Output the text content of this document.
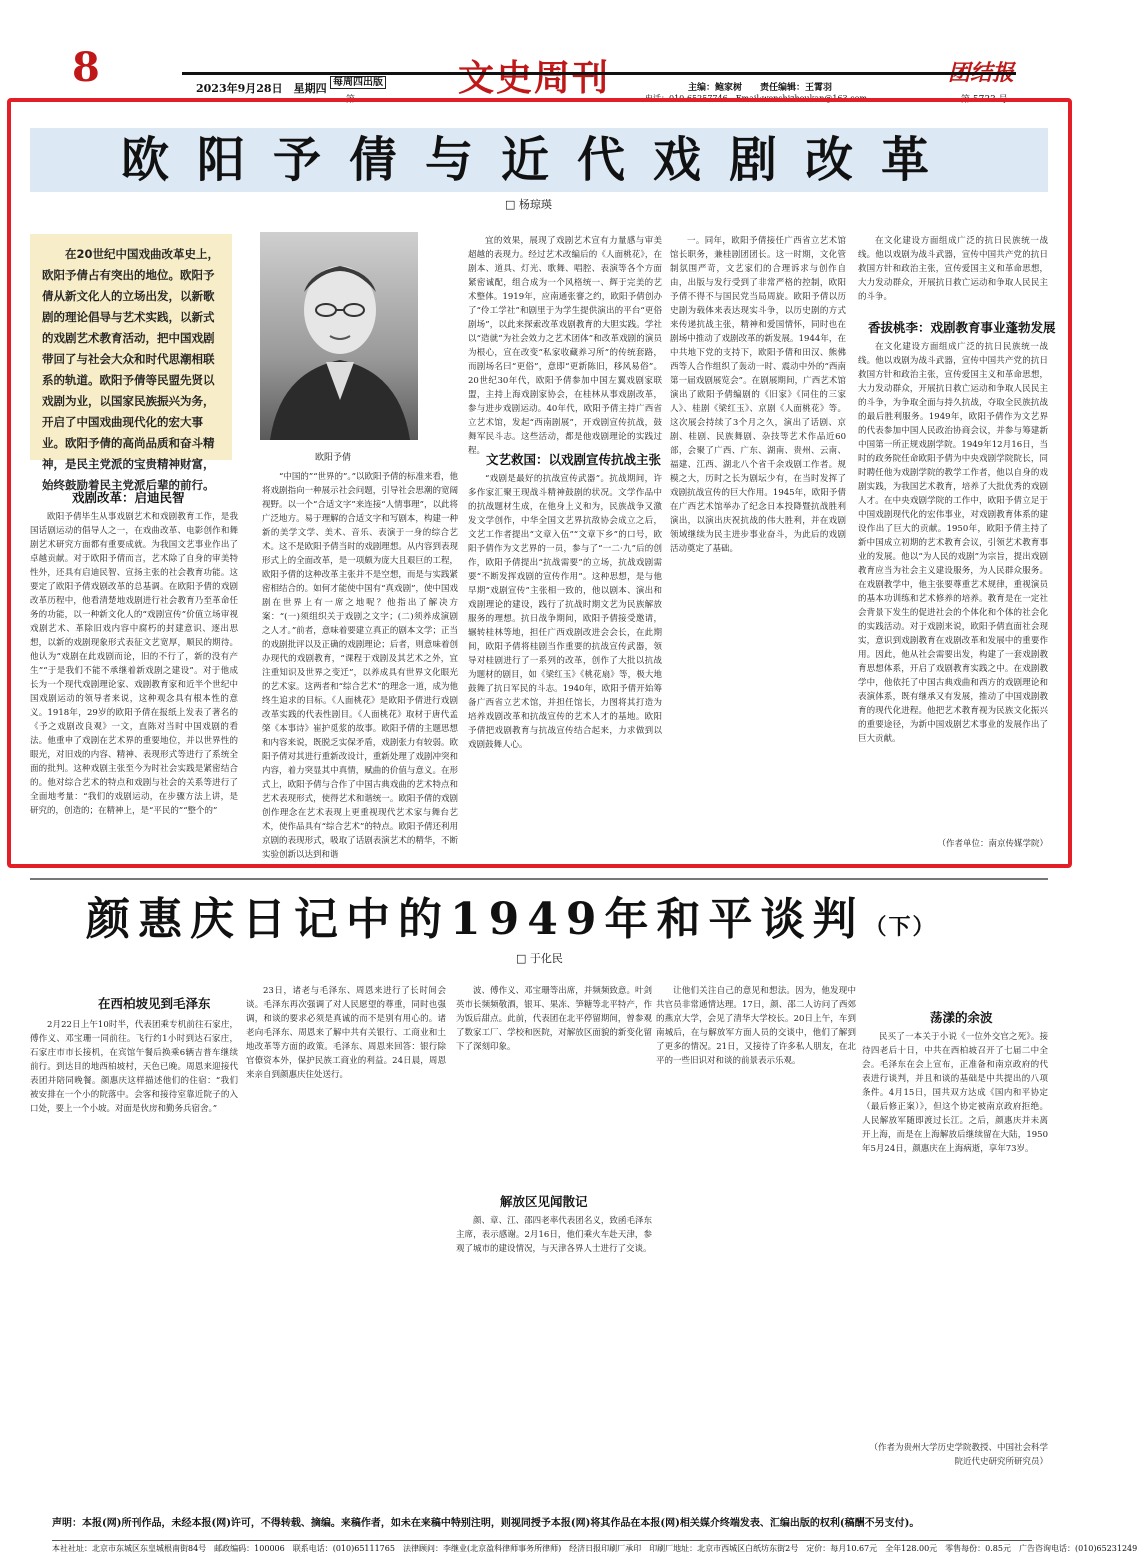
8	2023年9月28日　星期四 每周四出版
第
文史周刊	主编：鲍家树　　责任编辑：王霄羽
电话：010-65257746　Email:wenshizhoukan@163.com
团结报
第 5733 号
欧阳予倩与近代戏剧改革
□ 杨琼瑛
在20世纪中国戏曲改革史上，欧阳予倩占有突出的地位。欧阳予倩从新文化人的立场出发，以新歌剧的理论倡导与艺术实践，以新式的戏剧艺术教育活动，把中国戏剧带回了与社会大众和时代思潮相联系的轨道。欧阳予倩等民盟先贤以戏剧为业，以国家民族振兴为务，开启了中国戏曲现代化的宏大事业。欧阳予倩的高尚品质和奋斗精神，是民主党派的宝贵精神财富，始终鼓励着民主党派后辈的前行。
欧阳予倩

欧阳予倩毕生从事戏剧艺术和戏剧教育工作，是我国话剧运动的倡导人之一，在戏曲改革、电影创作和舞剧艺术研究方面都有重要成就。为我国文艺事业作出了卓越贡献。对于欧阳予倩而言，艺术除了自身的审美特性外，还具有启迪民智、宣扬主张的社会教育功能。这要定了欧阳予倩戏剧改革的总基调。在欧阳予倩的戏剧改革历程中，他看清楚地戏剧进行社会教育乃至革命任务的功能，以一种新文化人的“戏剧宣传”价值立场审视戏剧艺术、革除旧戏内容中腐朽的封建意识、逐出思想，以新的戏剧现象形式表征文艺宽厚，顺民的期待。他认为“戏剧在此戏剧而论，旧的不行了，新的没有产生”“于是我们不能不承继着新戏剧之建设”。对于他成长为一个现代戏剧理论家、戏剧教育家和近半个世纪中国戏剧运动的领导者来说，这种观念具有根本性的意义。1918年，29岁的欧阳予倩在报纸上发表了著名的《予之戏剧改良观》一文，直陈对当时中国戏剧的看法。他重申了戏剧在艺术界的重要地位，并以世界性的眼光，对旧戏的内容、精神、表现形式等进行了系统全面的批判。这种戏剧主张至今为时社会实践是紧密结合的。他对综合艺术的特点和戏剧与社会的关系等进行了全面地考量：“我们的戏剧运动，在步骤方法上讲，是研究的，创造的；在精神上，是“平民的”“整个的”

戏剧改革：启迪民智

“中国的”“世界的”。”以欧阳予倩的标准来看，他将戏剧指向一种展示社会问题，引导社会思潮的宽阔视野。以一个“合适文字”来连接“人情事理”，以此将广泛地方。易于理解的合适文字和写剧本，构建一种新的美学文学、美术、音乐、表演于一身的综合艺术。这不是欧阳予倩当时的戏剧理想。从内容到表现形式上的全面改革，是一项颇为庞大且艰巨的工程，欧阳予倩的这种改革主张并不是空想，而是与实践紧密相结合的。如何才能使中国有“真戏剧”，使中国戏剧在世界上有一席之地呢？他指出了解决方案：“(一)须组织关于戏剧之文字；(二)须养成演剧之人才。”前者，意味着要建立真正的剧本文学；正当的戏剧批评以及正确的戏剧理论；后者，则意味着创办现代的戏剧教育，“课程于戏剧及其艺术之外，宜注重知识及世界之变迁”，以养成具有世界文化眼光的艺术家。这两者和“综合艺术”的理念一道，成为他终生追求的目标。《人面桃花》是欧阳予倩进行戏剧改革实践的代表性剧目。《人面桃花》取材于唐代孟棨《本事诗》崔护觅浆的故事。欧阳予倩的主题思想和内容来说，既脱乏实保矛盾，戏剧张力有较弱。欧阳予倩对其进行重新改设计，重新处理了戏剧冲突和内容，着力突显其中真情，赋曲的价值与意义。在形式上，欧阳予倩与合作了中国古典戏曲的艺术特点和艺术表现形式，使得艺术和谐统一。欧阳予倩的戏剧创作理念在艺术表现上更重视现代艺术家与舞台艺术，使作品具有“综合艺术”的特点。欧阳予倩还利用京剧的表现形式，吸取了话剧表演艺术的精华，不断实验创新以达到和谐

宜的效果，展现了戏剧艺术宣有力量感与审美超越的表现力。经过艺术改编后的《人面桃花》，在剧本、道具、灯光、歌舞、唱腔、表演等各个方面紧密诚配，组合成为一个风格统一、辉于完美的艺术整体。1919年，应南通张謇之约，欧阳予倩创办了“伶工学社”和剧里于为学生提供演出的平台“更俗剧场”，以此来探索改革戏剧教育的大胆实践。学社以“造就”为社会效力之艺术团体”和改革戏剧的演员为根心，宣在改变“私家收藏养习所”的传统套路，而剧场名曰“更俗”，意即“更新陈旧，移风易俗”。20世纪30年代，欧阳予倩参加中国左翼戏剧家联盟，主持上海戏剧家协会，在桂林从事戏剧改革，参与进步戏剧运动。40年代，欧阳予倩主持广西省立艺术馆，发起“西南剧展”，开戏剧宣传抗战，鼓舞军民斗志。这些活动，都是他戏剧理论的实践过程。

文艺救国：以戏剧宣传抗战主张

“戏剧是最好的抗战宣传武器”。抗战期间，许多作家汇聚王现战斗精神鼓剧的状况。文学作品中的抗战题材生成，在他身上义和为，民族战争又激发文学创作，中华全国文艺界抗敌协会成立之后，文艺工作者提出“文章入伍”“文章下乡”的口号，欧阳予倩作为文艺界的一员，参与了“一二·九”后的创作，欧阳予倩提出“抗战需要”的立场，抗战戏剧需要“不断发挥戏剧的宣传作用”。这种思想，是与他早期“戏剧宣传”主张相一致的，他以剧本、演出和戏剧理论的建设，践行了抗战时期文艺为民族解放服务的理想。抗日战争期间，欧阳予倩接受邀请，辗转桂林等地，担任广西戏剧改进会会长，在此期间，欧阳予倩将桂剧当作重要的抗战宣传武器，领导对桂剧进行了一系列的改革，创作了大批以抗战为题材的剧目，如《梁红玉》《桃花扇》等，极大地鼓舞了抗日军民的斗志。1940年，欧阳予倩开始筹备广西省立艺术馆，并担任馆长，力图将其打造为培养戏剧改革和抗战宣传的艺术人才的基地。欧阳予倩把戏剧教育与抗战宣传结合起来，力求做到以戏剧鼓舞人心。

一。同年，欧阳予倩接任广西省立艺术馆馆长职务，兼桂剧团团长。这一时期，文化管制氛围严苛，文艺家们的合理诉求与创作自由，出版与发行受到了非常严格的控制，欧阳予倩不得不与国民党当局周旋。欧阳予倩以历史剧为载体来表达现实斗争，以历史剧的方式来传递抗战主张，精神和爱国情怀，同时也在剧场中推动了戏剧改革的新发展。1944年，在中共地下党的支持下，欧阳予倩和田汉、熊佛西等人合作组织了轰动一时、震动中外的“西南第一届戏剧展览会”。在剧展期间，广西艺术馆演出了欧阳予倩编剧的《旧家》《同住的三家人》、桂剧《梁红玉》、京剧《人面桃花》等。这次展会持续了3个月之久，演出了话剧、京剧、桂剧、民族舞剧、杂技等艺术作品近60部，会聚了广西、广东、湖南、贵州、云南、福建、江西、湖北八个省千余戏剧工作者。规模之大，历时之长为剧坛少有，在当时发挥了戏剧抗战宣传的巨大作用。1945年，欧阳予倩在广西艺术馆举办了纪念日本投降暨抗战胜利演出，以演出庆祝抗战的伟大胜利，并在戏剧领域继续为民主进步事业奋斗，为此后的戏剧活动奠定了基础。

在文化建设方面组成广泛的抗日民族统一战线。他以戏剧为战斗武器，宣传中国共产党的抗日救国方针和政治主张，宣传爱国主义和革命思想，大力发动群众，开展抗日救亡运动和争取人民民主的斗争。

香拔桃李：戏剧教育事业蓬勃发展

在文化建设方面组成广泛的抗日民族统一战线。他以戏剧为战斗武器，宣传中国共产党的抗日救国方针和政治主张，宣传爱国主义和革命思想，大力发动群众，开展抗日救亡运动和争取人民民主的斗争，为争取全面与持久抗战，夺取全民族抗战的最后胜利服务。1949年，欧阳予倩作为文艺界的代表参加中国人民政治协商会议，并参与筹建新中国第一所正规戏剧学院。1949年12月16日，当时的政务院任命欧阳予倩为中央戏剧学院院长，同时聘任他为戏剧学院的教学工作者，他以自身的戏剧实践，为我国艺术教育，培养了大批优秀的戏剧人才。在中央戏剧学院的工作中，欧阳予倩立足于中国戏剧现代化的宏伟事业，对戏剧教育体系的建设作出了巨大的贡献。1950年，欧阳予倩主持了新中国成立初期的艺术教育会议，引领艺术教育事业的发展。他以“为人民的戏剧”为宗旨，提出戏剧教育应当为社会主义建设服务，为人民群众服务。在戏剧教学中，他主张要尊重艺术规律，重视演员的基本功训练和艺术修养的培养。教育是在一定社会背景下发生的促进社会的个体化和个体的社会化的实践活动。对于戏剧来说，欧阳予倩直面社会现实，意识到戏剧教育在戏剧改革和发展中的重要作用。因此，他从社会需要出发，构建了一套戏剧教育思想体系，开启了戏剧教育实践之中。在戏剧教学中，他依托了中国古典戏曲和西方的戏剧理论和表演体系，既有继承又有发展，推动了中国戏剧教育的现代化进程。他把艺术教育视为民族文化振兴的重要途径，为新中国戏剧艺术事业的发展作出了巨大贡献。

（作者单位：南京传媒学院）
颜惠庆日记中的1949年和平谈判（下）
□ 于化民
在西柏坡见到毛泽东

2月22日上午10时半，代表团乘专机前往石家庄，傅作义、邓宝珊一同前往。飞行约1小时到达石家庄，石家庄市市长接机，在宾馆午餐后换乘6辆吉普车继续前行。到达目的地西柏坡村，天色已晚。周恩来迎接代表团并陪同晚餐。颜惠庆这样描述他们的住宿：“我们被安排在一个小的院落中。会客和接待室靠近院子的入口处，要上一个小坡。对面是伙房和勤务兵宿舍。”

23日，诸老与毛泽东、周恩来进行了长时间会谈。毛泽东再次强调了对人民愿望的尊重，同时也强调，和谈的要求必须是真诚的而不是别有用心的。诸老向毛泽东、周恩来了解中共有关银行、工商业和土地改革等方面的政策。毛泽东、周恩来回答：银行除官僚资本外，保护民族工商业的利益。24日晨，周恩来亲自到颜惠庆住处送行。

波、傅作义、邓宝珊等出席，并频频致意。叶剑英市长频频敬酒，银耳、果冻、笋糖等北平特产，作为饭后甜点。此前，代表团在北平停留期间，曾参观了数家工厂、学校和医院，对解放区面貌的新变化留下了深刻印象。

解放区见闻散记

颜、章、江、邵四老率代表团名义，致函毛泽东主席，表示感谢。2月16日，他们乘火车赴天津，参观了城市的建设情况，与天津各界人士进行了交谈。

让他们关注自己的意见和想法。因为，他发现中共官员非常通情达理。17日，颜、邵二人访问了西郊的燕京大学，会见了清华大学校长。20日上午，车到南城后，在与解放军方面人员的交谈中，他们了解到了更多的情况。21日，又接待了许多私人朋友，在北平的一些旧识对和谈的前景表示乐观。

荡漾的余波

民买了一本关于小说《一位外交官之死》。接待四老后十日，中共在西柏坡召开了七届二中全会。毛泽东在会上宣布，正准备和南京政府的代表进行谈判，并且和谈的基础是中共提出的八项条件。4月15日，国共双方达成《国内和平协定（最后修正案）》，但这个协定被南京政府拒绝。人民解放军随即渡过长江。之后，颜惠庆并未离开上海，而是在上海解放后继续留在大陆，1950年5月24日，颜惠庆在上海病逝，享年73岁。

（作者为贵州大学历史学院教授、中国社会科学院近代史研究所研究员）
声明：本报(网)所刊作品，未经本报(网)许可，不得转载、摘编。来稿作者，如未在来稿中特别注明，则视同授予本报(网)将其作品在本报(网)相关媒介终端发表、汇编出版的权利(稿酬不另支付)。
本社社址：北京市东城区东皇城根南街84号　邮政编码：100006　联系电话：(010)65111765　法律顾问：李继业(北京盈科律师事务所律师)　经济日报印刷厂承印　印刷厂地址：北京市西城区白纸坊东街2号　定价：每月10.67元　全年128.00元　零售每份：0.85元　广告咨询电话：(010)65231249
